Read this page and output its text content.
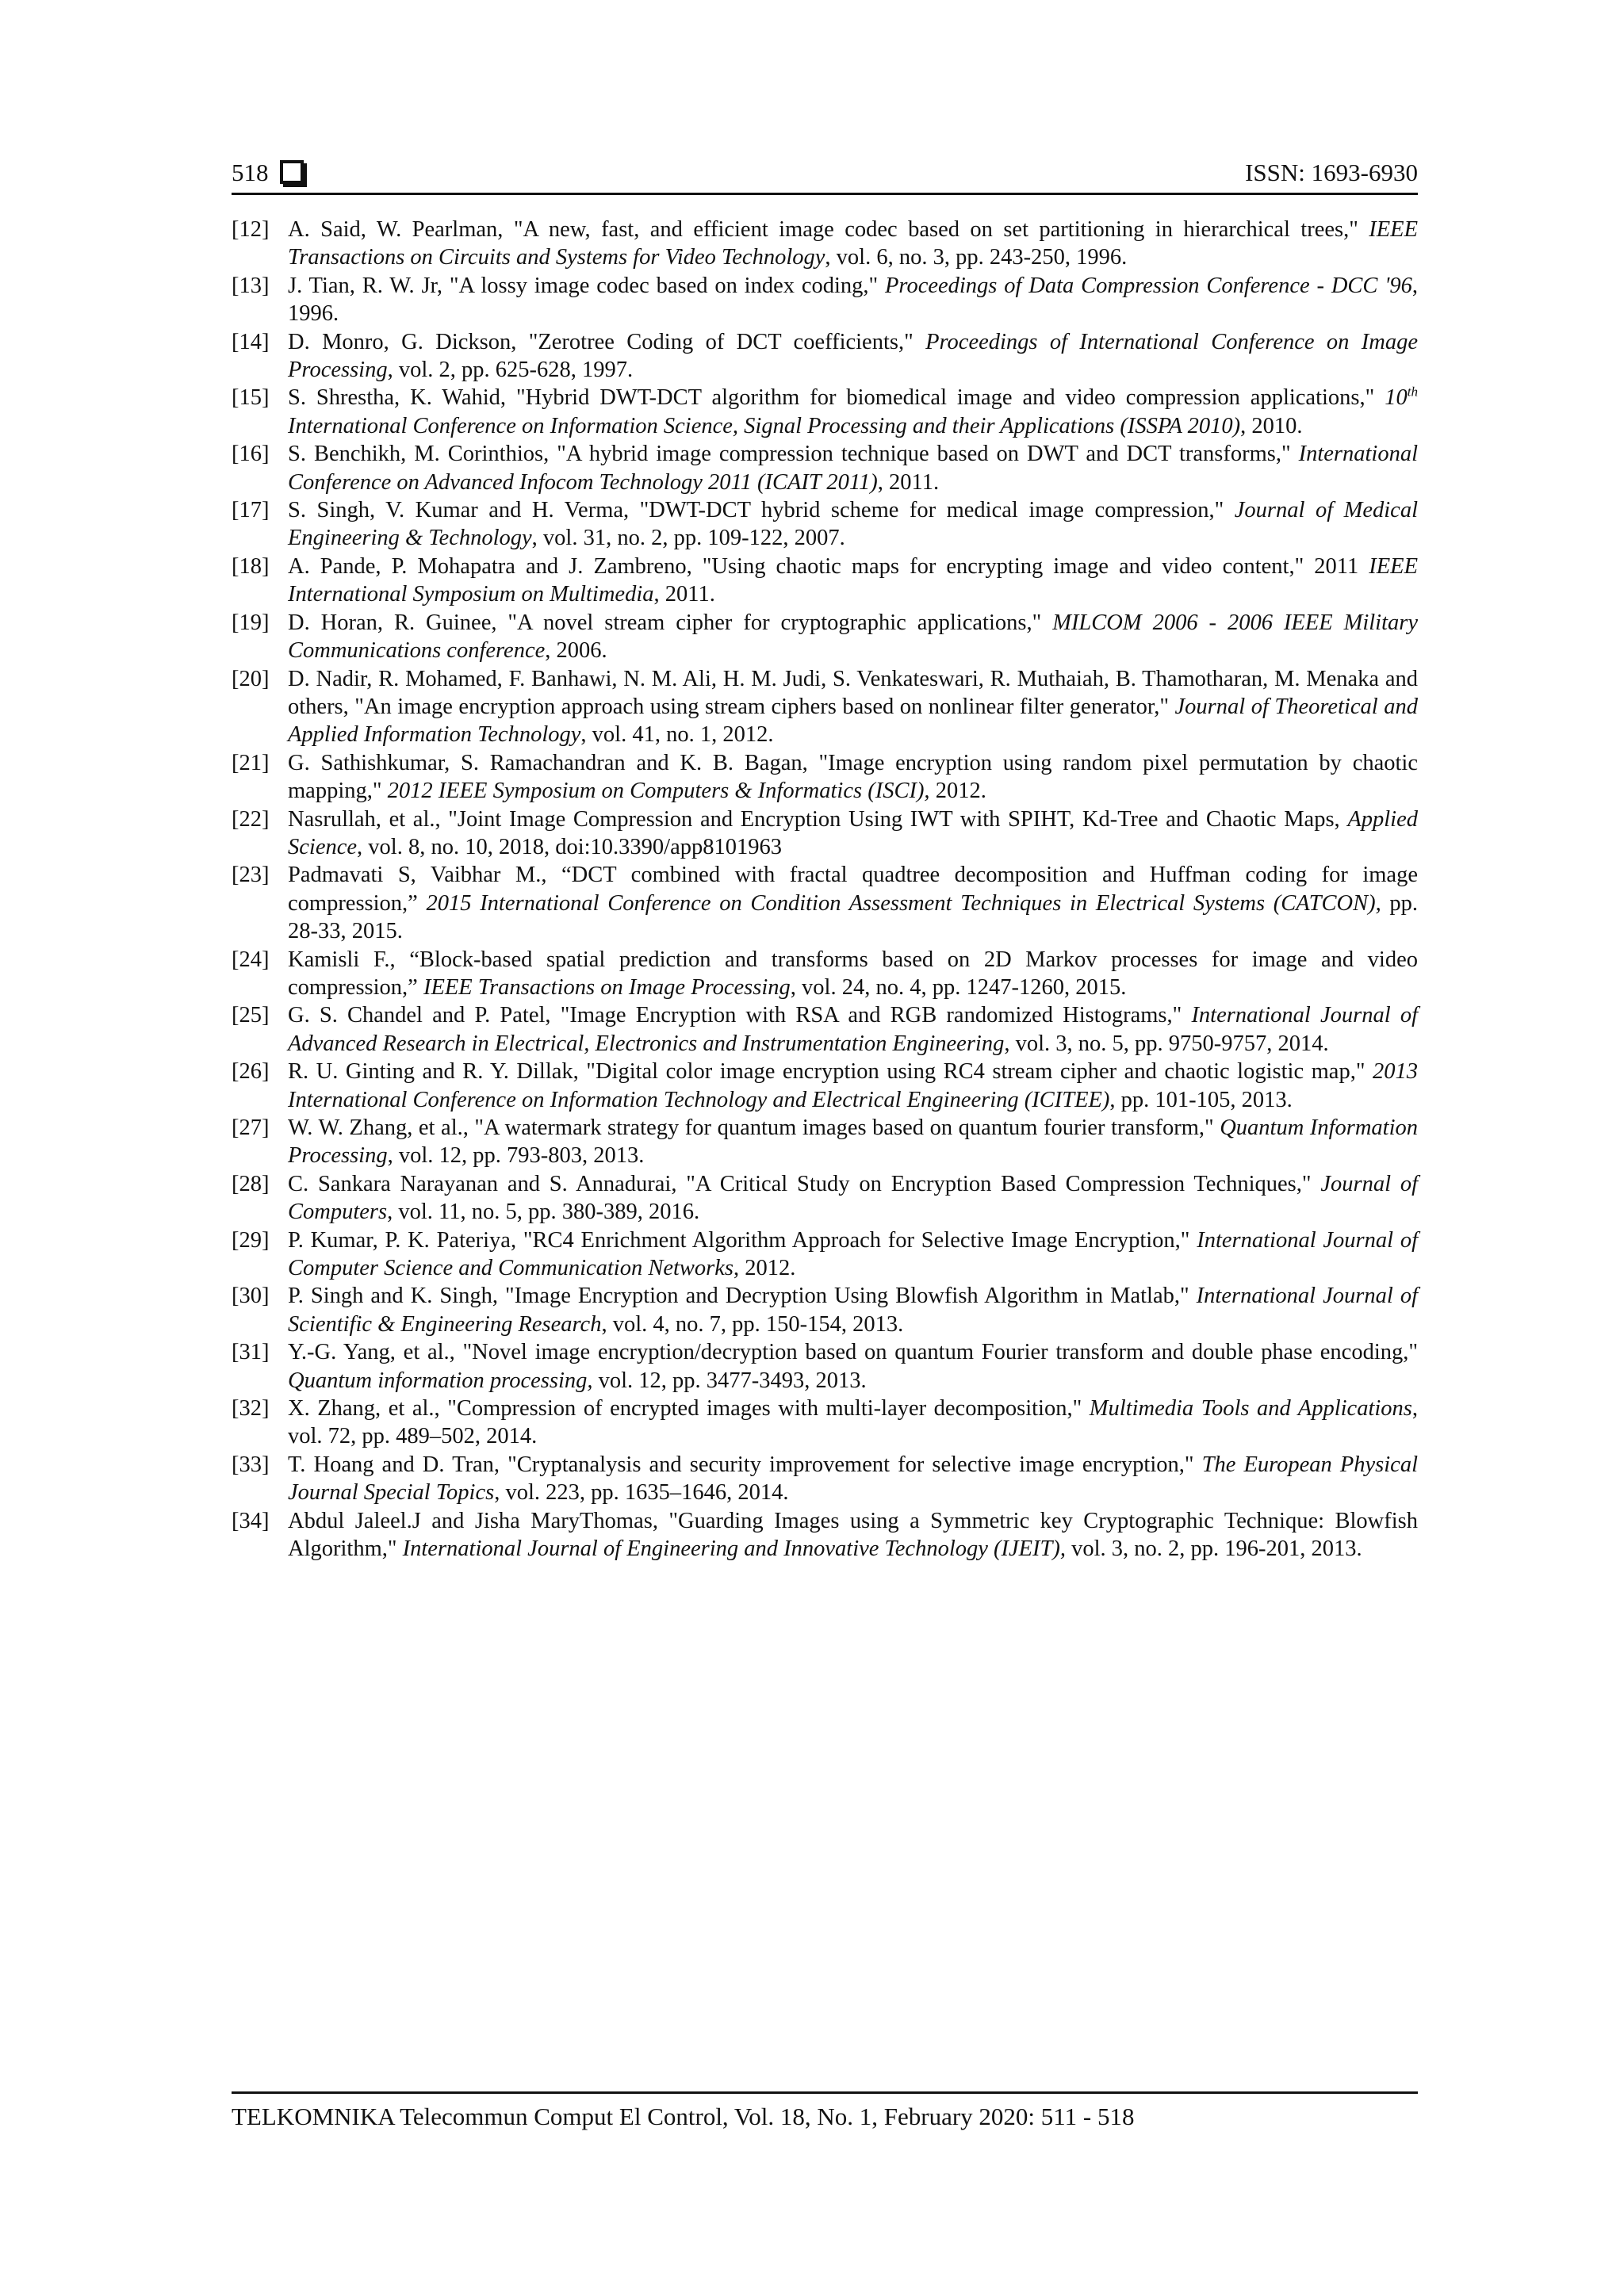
518	ISSN: 1693-6930
[12] A. Said, W. Pearlman, "A new, fast, and efficient image codec based on set partitioning in hierarchical trees," IEEE Transactions on Circuits and Systems for Video Technology, vol. 6, no. 3, pp. 243-250, 1996.
[13] J. Tian, R. W. Jr, "A lossy image codec based on index coding," Proceedings of Data Compression Conference - DCC '96, 1996.
[14] D. Monro, G. Dickson, "Zerotree Coding of DCT coefficients," Proceedings of International Conference on Image Processing, vol. 2, pp. 625-628, 1997.
[15] S. Shrestha, K. Wahid, "Hybrid DWT-DCT algorithm for biomedical image and video compression applications," 10th International Conference on Information Science, Signal Processing and their Applications (ISSPA 2010), 2010.
[16] S. Benchikh, M. Corinthios, "A hybrid image compression technique based on DWT and DCT transforms," International Conference on Advanced Infocom Technology 2011 (ICAIT 2011), 2011.
[17] S. Singh, V. Kumar and H. Verma, "DWT-DCT hybrid scheme for medical image compression," Journal of Medical Engineering & Technology, vol. 31, no. 2, pp. 109-122, 2007.
[18] A. Pande, P. Mohapatra and J. Zambreno, "Using chaotic maps for encrypting image and video content," 2011 IEEE International Symposium on Multimedia, 2011.
[19] D. Horan, R. Guinee, "A novel stream cipher for cryptographic applications," MILCOM 2006 - 2006 IEEE Military Communications conference, 2006.
[20] D. Nadir, R. Mohamed, F. Banhawi, N. M. Ali, H. M. Judi, S. Venkateswari, R. Muthaiah, B. Thamotharan, M. Menaka and others, "An image encryption approach using stream ciphers based on nonlinear filter generator," Journal of Theoretical and Applied Information Technology, vol. 41, no. 1, 2012.
[21] G. Sathishkumar, S. Ramachandran and K. B. Bagan, "Image encryption using random pixel permutation by chaotic mapping," 2012 IEEE Symposium on Computers & Informatics (ISCI), 2012.
[22] Nasrullah, et al., "Joint Image Compression and Encryption Using IWT with SPIHT, Kd-Tree and Chaotic Maps, Applied Science, vol. 8, no. 10, 2018, doi:10.3390/app8101963
[23] Padmavati S, Vaibhar M., “DCT combined with fractal quadtree decomposition and Huffman coding for image compression,” 2015 International Conference on Condition Assessment Techniques in Electrical Systems (CATCON), pp. 28-33, 2015.
[24] Kamisli F., “Block-based spatial prediction and transforms based on 2D Markov processes for image and video compression,” IEEE Transactions on Image Processing, vol. 24, no. 4, pp. 1247-1260, 2015.
[25] G. S. Chandel and P. Patel, "Image Encryption with RSA and RGB randomized Histograms," International Journal of Advanced Research in Electrical, Electronics and Instrumentation Engineering, vol. 3, no. 5, pp. 9750-9757, 2014.
[26] R. U. Ginting and R. Y. Dillak, "Digital color image encryption using RC4 stream cipher and chaotic logistic map," 2013 International Conference on Information Technology and Electrical Engineering (ICITEE), pp. 101-105, 2013.
[27] W. W. Zhang, et al., "A watermark strategy for quantum images based on quantum fourier transform," Quantum Information Processing, vol. 12, pp. 793-803, 2013.
[28] C. Sankara Narayanan and S. Annadurai, "A Critical Study on Encryption Based Compression Techniques," Journal of Computers, vol. 11, no. 5, pp. 380-389, 2016.
[29] P. Kumar, P. K. Pateriya, "RC4 Enrichment Algorithm Approach for Selective Image Encryption," International Journal of Computer Science and Communication Networks, 2012.
[30] P. Singh and K. Singh, "Image Encryption and Decryption Using Blowfish Algorithm in Matlab," International Journal of Scientific & Engineering Research, vol. 4, no. 7, pp. 150-154, 2013.
[31] Y.-G. Yang, et al., "Novel image encryption/decryption based on quantum Fourier transform and double phase encoding," Quantum information processing, vol. 12, pp. 3477-3493, 2013.
[32] X. Zhang, et al., "Compression of encrypted images with multi-layer decomposition," Multimedia Tools and Applications, vol. 72, pp. 489–502, 2014.
[33] T. Hoang and D. Tran, "Cryptanalysis and security improvement for selective image encryption," The European Physical Journal Special Topics, vol. 223, pp. 1635–1646, 2014.
[34] Abdul Jaleel.J and Jisha MaryThomas, "Guarding Images using a Symmetric key Cryptographic Technique: Blowfish Algorithm," International Journal of Engineering and Innovative Technology (IJEIT), vol. 3, no. 2, pp. 196-201, 2013.
TELKOMNIKA Telecommun Comput El Control, Vol. 18, No. 1, February 2020: 511 - 518
